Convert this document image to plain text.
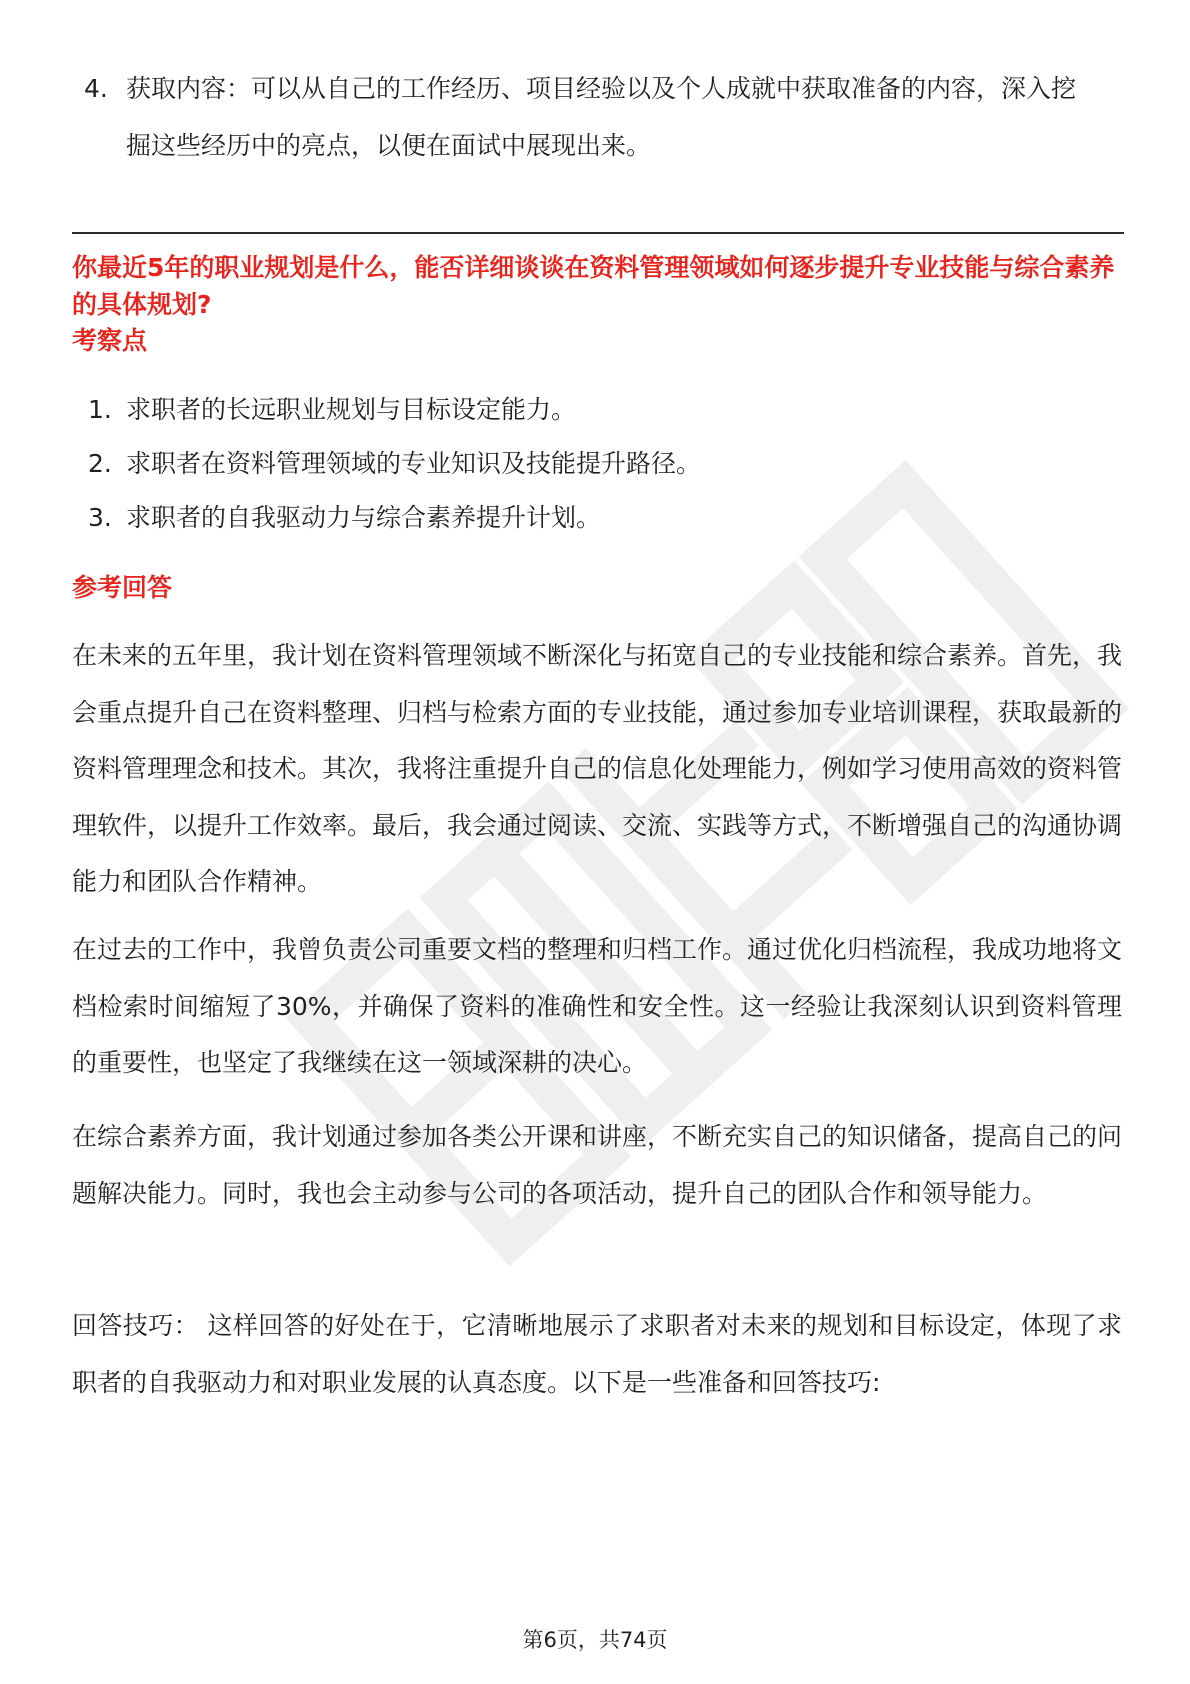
4. 获取内容：可以从自己的工作经历、项目经验以及个人成就中获取准备的内容，深入挖掘这些经历中的亮点，以便在面试中展现出来。
你最近5年的职业规划是什么，能否详细谈谈在资料管理领域如何逐步提升专业技能与综合素养的具体规划?
考察点
1. 求职者的长远职业规划与目标设定能力。
2. 求职者在资料管理领域的专业知识及技能提升路径。
3. 求职者的自我驱动力与综合素养提升计划。
参考回答
在未来的五年里，我计划在资料管理领域不断深化与拓宽自己的专业技能和综合素养。首先，我会重点提升自己在资料整理、归档与检索方面的专业技能，通过参加专业培训课程，获取最新的资料管理理念和技术。其次，我将注重提升自己的信息化处理能力，例如学习使用高效的资料管理软件，以提升工作效率。最后，我会通过阅读、交流、实践等方式，不断增强自己的沟通协调能力和团队合作精神。
在过去的工作中，我曾负责公司重要文档的整理和归档工作。通过优化归档流程，我成功地将文档检索时间缩短了30%，并确保了资料的准确性和安全性。这一经验让我深刻认识到资料管理的重要性，也坚定了我继续在这一领域深耕的决心。
在综合素养方面，我计划通过参加各类公开课和讲座，不断充实自己的知识储备，提高自己的问题解决能力。同时，我也会主动参与公司的各项活动，提升自己的团队合作和领导能力。
回答技巧： 这样回答的好处在于，它清晰地展示了求职者对未来的规划和目标设定，体现了求职者的自我驱动力和对职业发展的认真态度。以下是一些准备和回答技巧:
第6页，共74页
